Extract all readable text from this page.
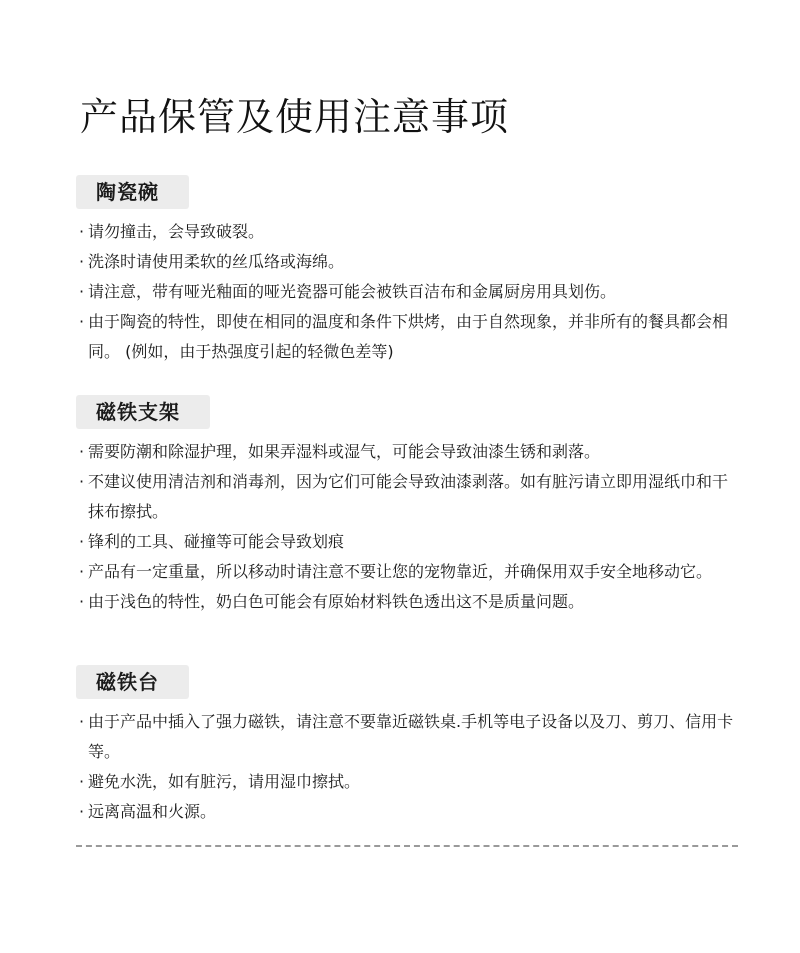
产品保管及使用注意事项
陶瓷碗
· 请勿撞击，会导致破裂。
· 洗涤时请使用柔软的丝瓜络或海绵。
· 请注意，带有哑光釉面的哑光瓷器可能会被铁百洁布和金属厨房用具划伤。
· 由于陶瓷的特性，即使在相同的温度和条件下烘烤，由于自然现象，并非所有的餐具都会相同。 (例如，由于热强度引起的轻微色差等)
磁铁支架
· 需要防潮和除湿护理，如果弄湿料或湿气，可能会导致油漆生锈和剥落。
· 不建议使用清洁剂和消毒剂，因为它们可能会导致油漆剥落。如有脏污请立即用湿纸巾和干抹布擦拭。
· 锋利的工具、碰撞等可能会导致划痕
· 产品有一定重量，所以移动时请注意不要让您的宠物靠近，并确保用双手安全地移动它。
· 由于浅色的特性，奶白色可能会有原始材料铁色透出这不是质量问题。
磁铁台
· 由于产品中插入了强力磁铁，请注意不要靠近磁铁桌.手机等电子设备以及刀、剪刀、信用卡等。
· 避免水洗，如有脏污，请用湿巾擦拭。
· 远离高温和火源。
